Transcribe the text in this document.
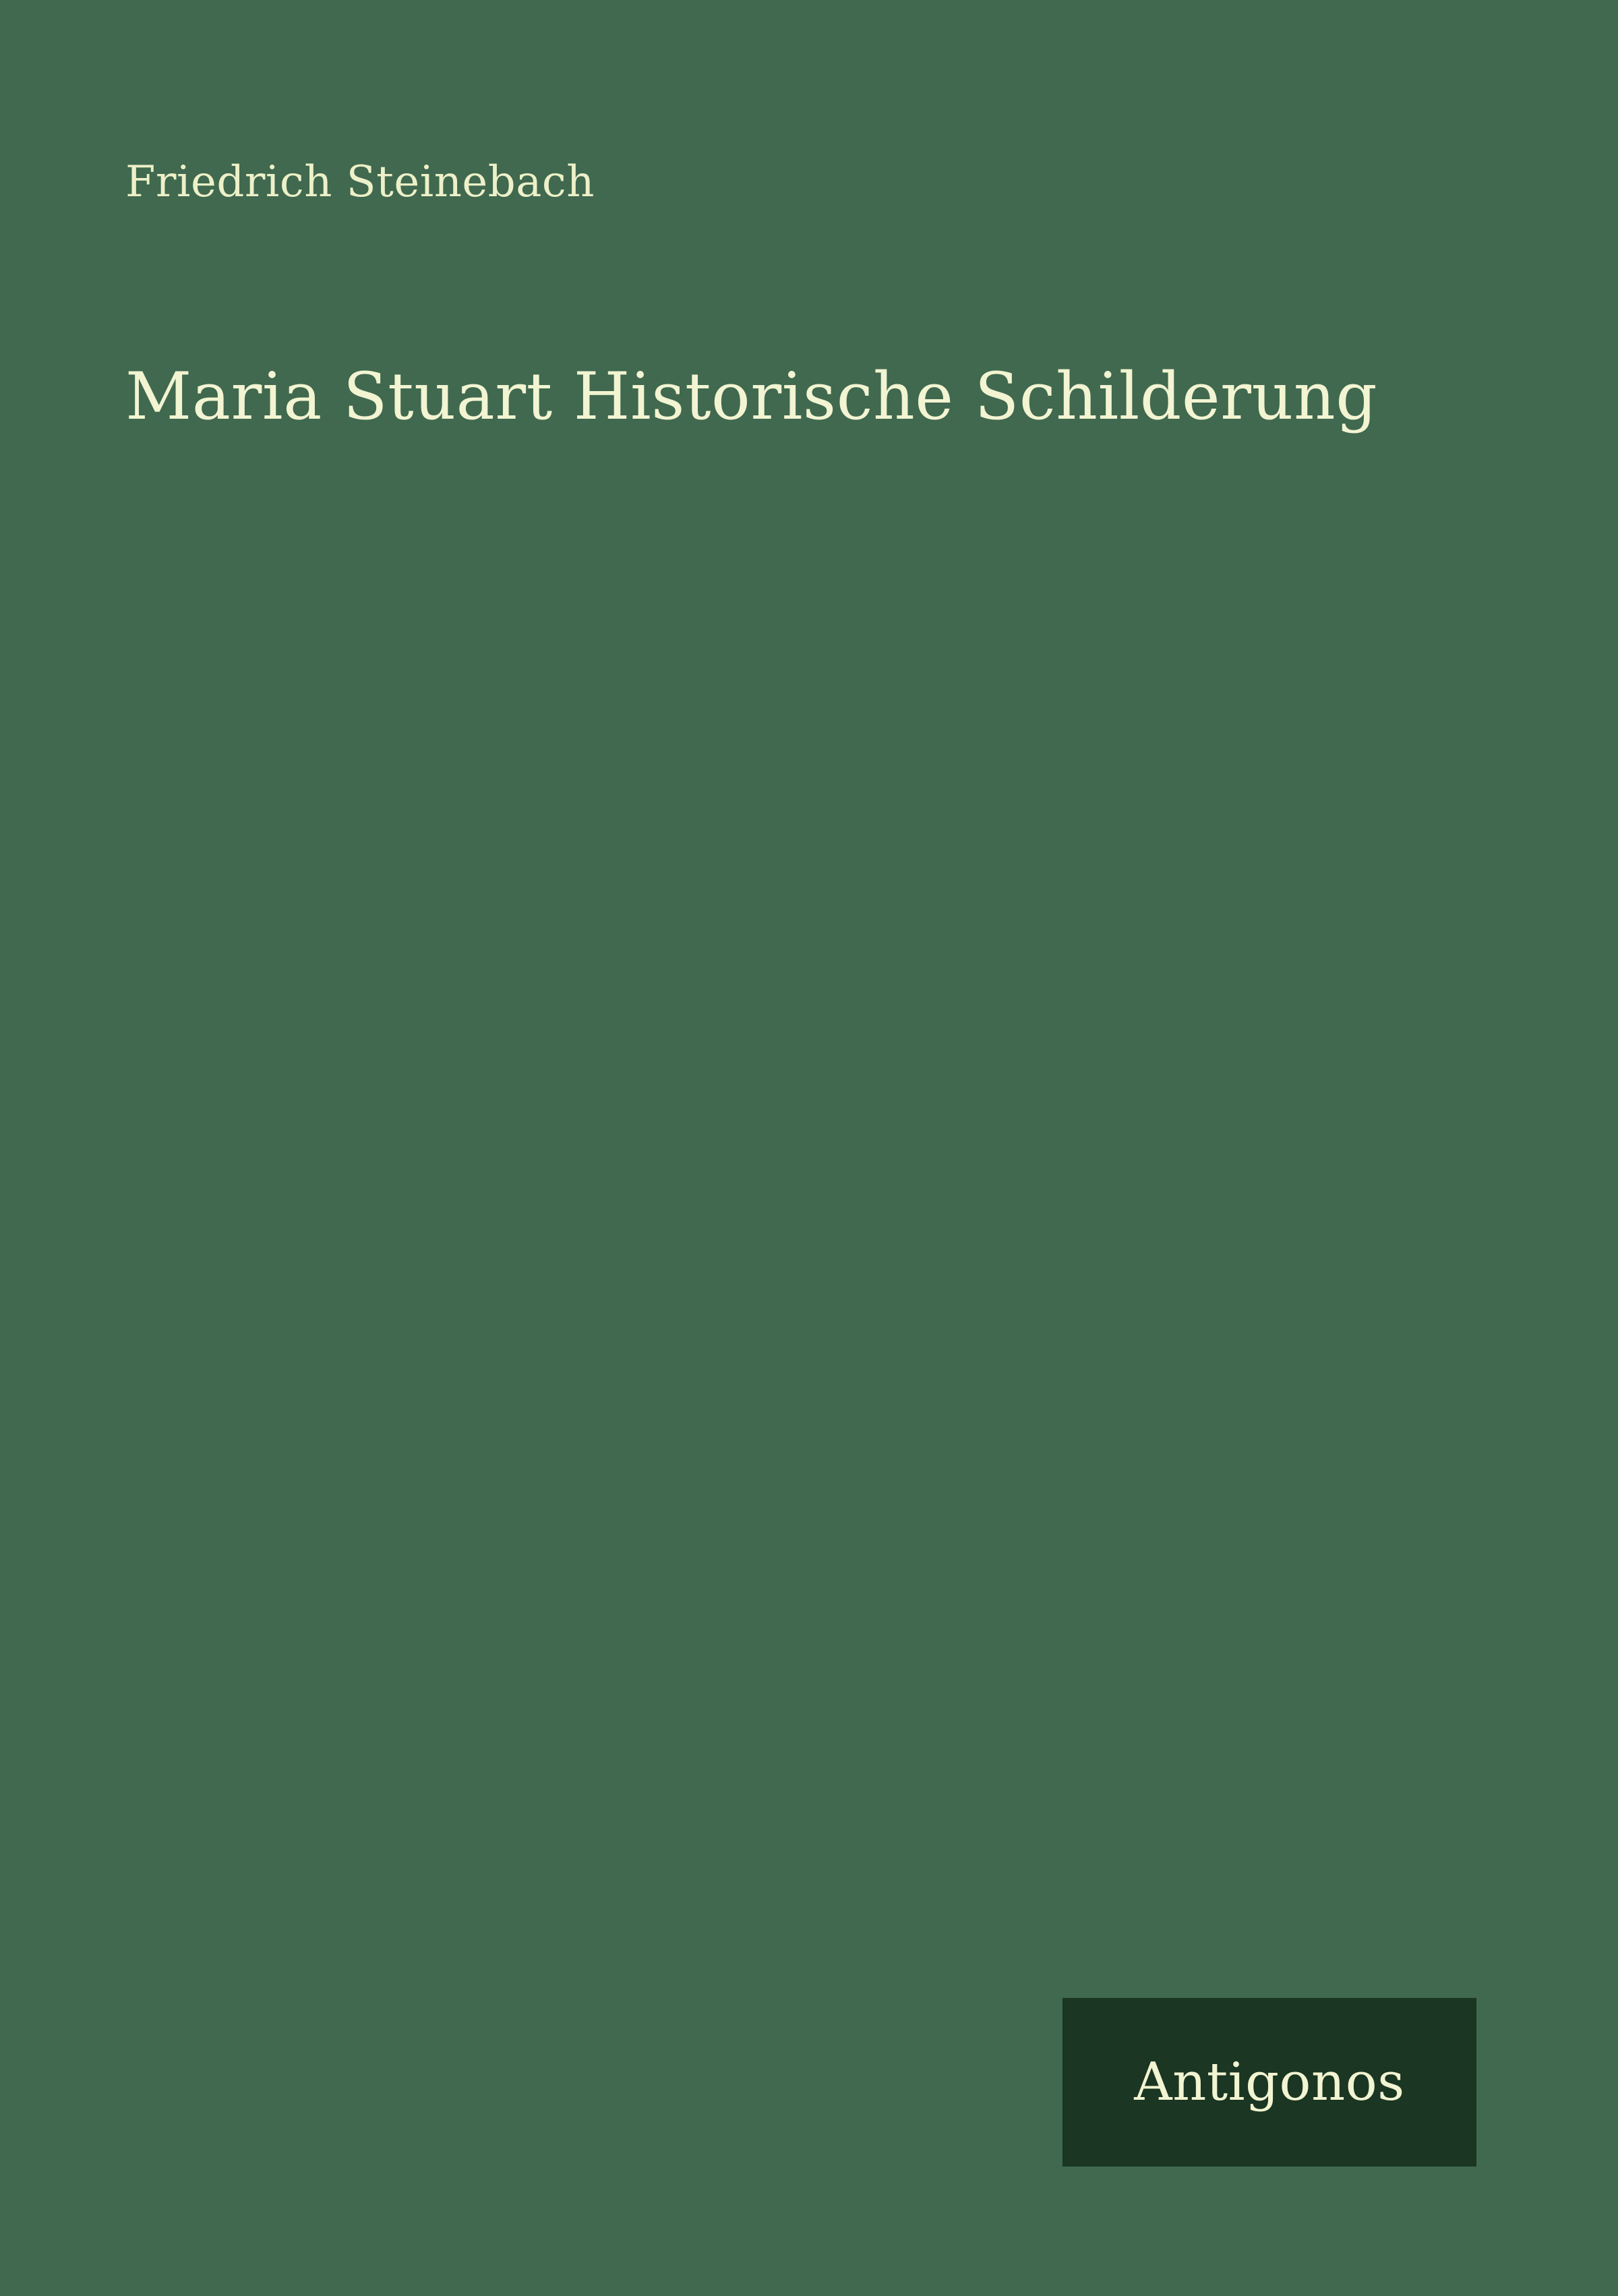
Friedrich Steinebach
Maria Stuart Historische Schilderung
Antigonos
